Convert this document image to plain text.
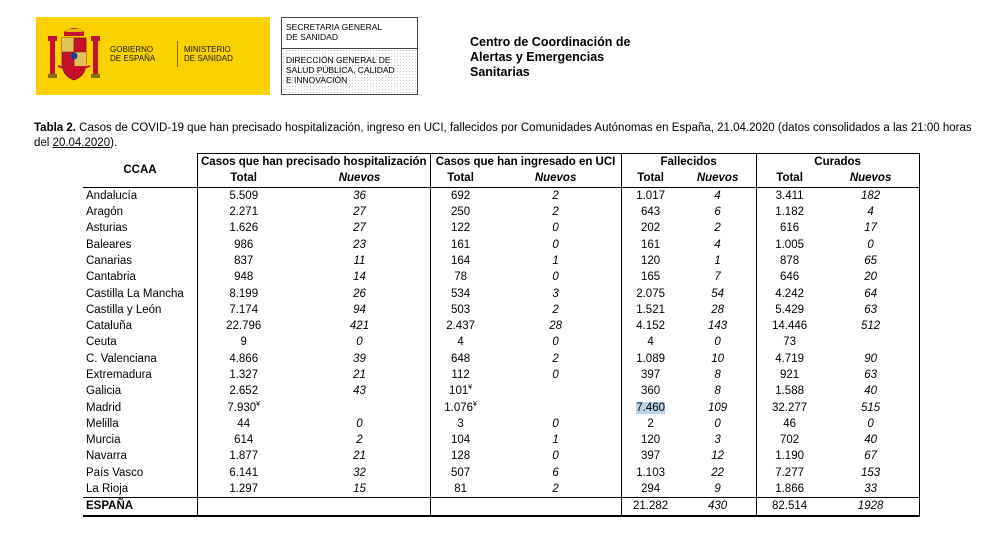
GOBIERNO
DE ESPAÑA
MINISTERIO
DE SANIDAD
SECRETARIA GENERAL
DE SANIDAD
DIRECCIÓN GENERAL DE
SALUD PÚBLICA, CALIDAD
E INNOVACIÓN
Centro de Coordinación de
Alertas y Emergencias
Sanitarias
Tabla 2. Casos de COVID-19 que han precisado hospitalización, ingreso en UCI, fallecidos por Comunidades Autónomas en España, 21.04.2020 (datos consolidados a las 21:00 horas del 20.04.2020).
CCAA	Casos que han precisado hospitalización		Casos que han ingresado en UCI		Fallecidos		Curados	
	Total	Nuevos	Total	Nuevos	Total	Nuevos	Total	Nuevos
Andalucía	5.509	36	692	2	1.017	4	3.411	182
Aragón	2.271	27	250	2	643	6	1.182	4
Asturias	1.626	27	122	0	202	2	616	17
Baleares	986	23	161	0	161	4	1.005	0
Canarias	837	11	164	1	120	1	878	65
Cantabria	948	14	78	0	165	7	646	20
Castilla La Mancha	8.199	26	534	3	2.075	54	4.242	64
Castilla y León	7.174	94	503	2	1.521	28	5.429	63
Cataluña	22.796	421	2.437	28	4.152	143	14.446	512
Ceuta	9	0	4	0	4	0	73	
C. Valenciana	4.866	39	648	2	1.089	10	4.719	90
Extremadura	1.327	21	112	0	397	8	921	63
Galicia	2.652	43	101¥		360	8	1.588	40
Madrid	7.930¥		1.076¥		7.460	109	32.277	515
Melilla	44	0	3	0	2	0	46	0
Murcia	614	2	104	1	120	3	702	40
Navarra	1.877	21	128	0	397	12	1.190	67
País Vasco	6.141	32	507	6	1.103	22	7.277	153
La Rioja	1.297	15	81	2	294	9	1.866	33
ESPAÑA					21.282	430	82.514	1928
